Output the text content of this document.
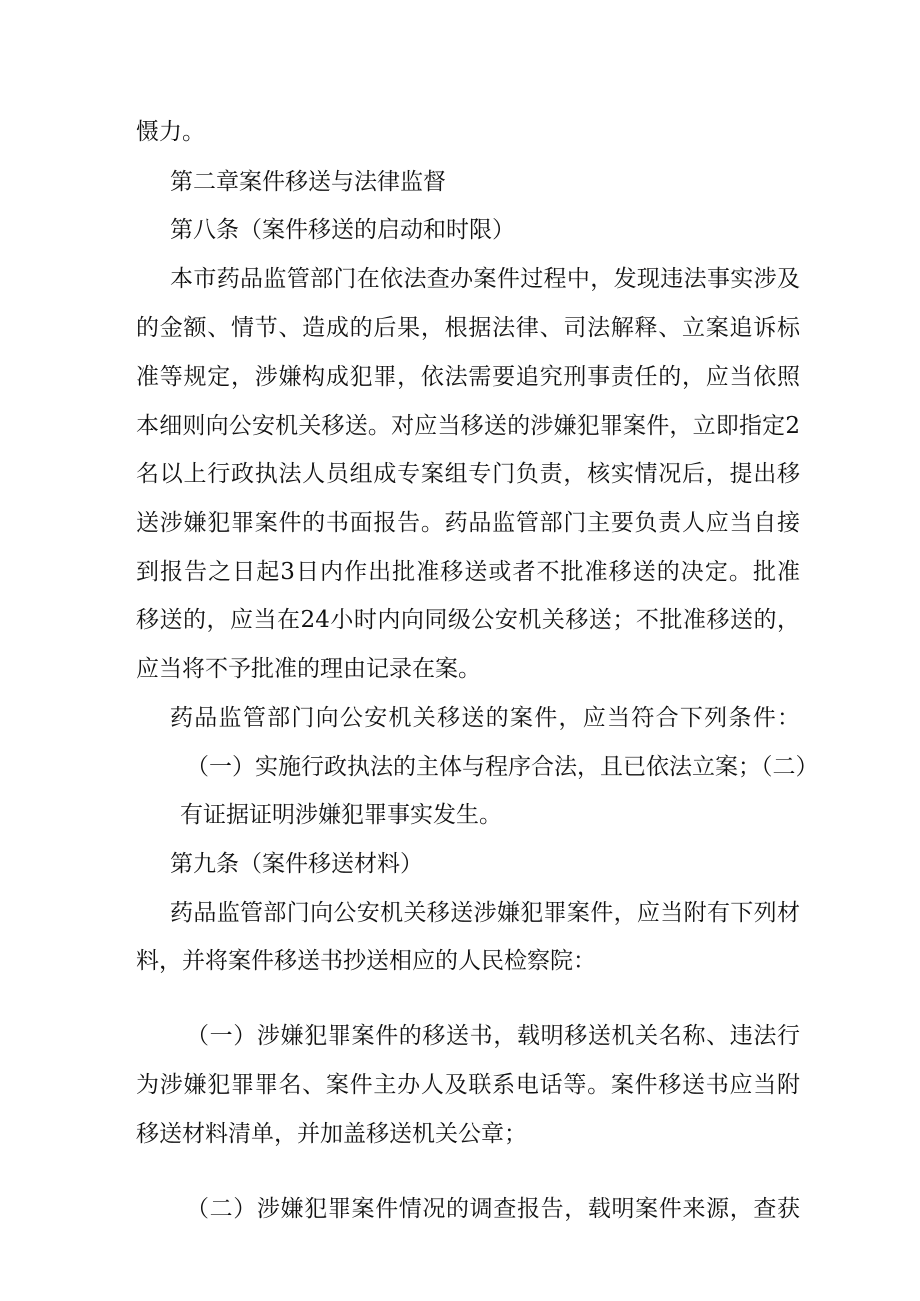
慑力。
第二章案件移送与法律监督
第八条（案件移送的启动和时限）
本市药品监管部门在依法查办案件过程中，发现违法事实涉及
的金额、情节、造成的后果，根据法律、司法解释、立案追诉标
准等规定，涉嫌构成犯罪，依法需要追究刑事责任的，应当依照
本细则向公安机关移送。对应当移送的涉嫌犯罪案件，立即指定2
名以上行政执法人员组成专案组专门负责，核实情况后，提出移
送涉嫌犯罪案件的书面报告。药品监管部门主要负责人应当自接
到报告之日起3日内作出批准移送或者不批准移送的决定。批准
移送的，应当在24小时内向同级公安机关移送；不批准移送的，
应当将不予批准的理由记录在案。
药品监管部门向公安机关移送的案件，应当符合下列条件：
（一）实施行政执法的主体与程序合法，且已依法立案；（二）
有证据证明涉嫌犯罪事实发生。
第九条（案件移送材料）
药品监管部门向公安机关移送涉嫌犯罪案件，应当附有下列材
料，并将案件移送书抄送相应的人民检察院：
（一）涉嫌犯罪案件的移送书，载明移送机关名称、违法行
为涉嫌犯罪罪名、案件主办人及联系电话等。案件移送书应当附
移送材料清单，并加盖移送机关公章；
（二）涉嫌犯罪案件情况的调查报告，载明案件来源，查获
